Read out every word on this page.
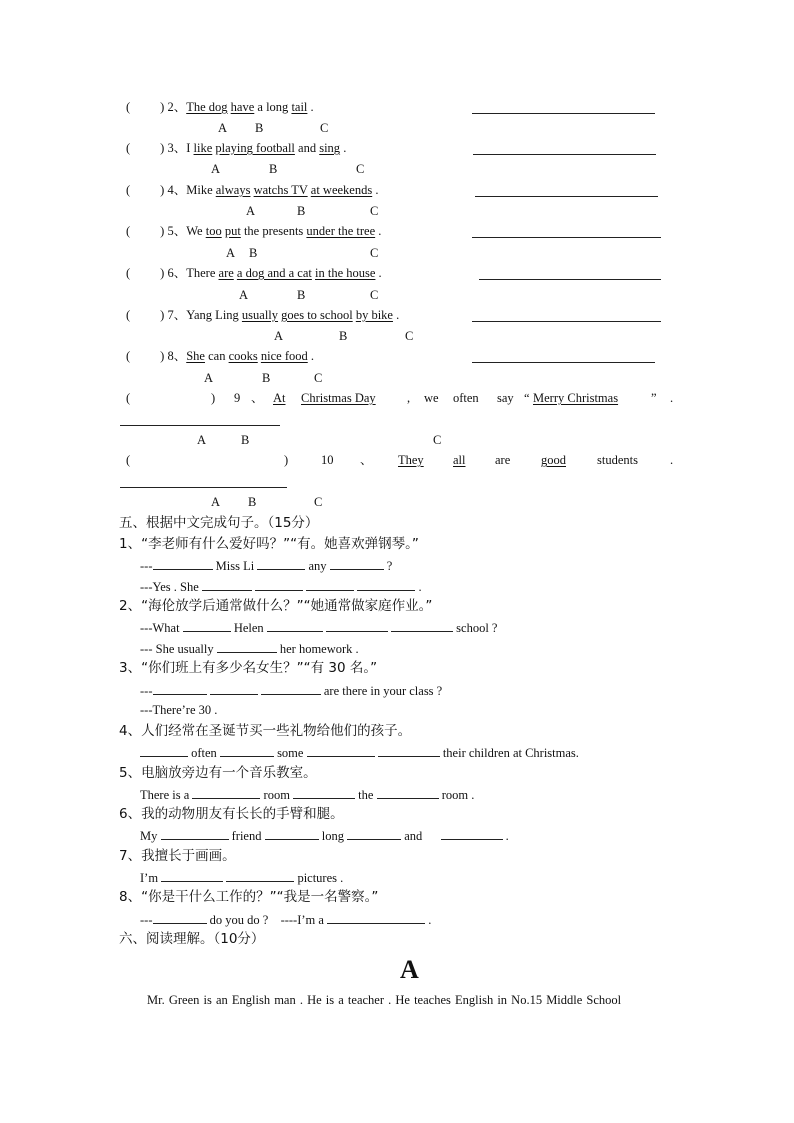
( ) 2、The dog have a long tail .
A B	C
( ) 3、I like playing football and sing .
A	B	C
( ) 4、Mike always watchs TV at weekends .
A	B	C
( ) 5、We too put the presents under the tree .
A B	C
( ) 6、There are a dog and a cat in the house .
A	B	C
( ) 7、Yang Ling usually goes to school by bike .
A	B	C
( ) 8、She can cooks nice food .
A	B	C
(	) 9 、 At Christmas Day	, we often say “ Merry Christmas	” .
A	B	C
(	)	10 、 They all are good students	.
A B	C
五、根据中文完成句子。（15分）
1、“李老师有什么爱好吗？”“有。她喜欢弹钢琴。”
---	Miss Li	any	?
---Yes . She	.
2、“海伦放学后通常做什么？”“她通常做家庭作业。”
---What	Helen	school ?
--- She usually	her homework .
3、“你们班上有多少名女生？”“有 30 名。”
---	are there in your class ?
---There’re 30 .
4、人们经常在圣诞节买一些礼物给他们的孩子。
often	some	their children at Christmas.
5、电脑放旁边有一个音乐教室。
There is a	room	the	room .
6、我的动物朋友有长长的手臂和腿。
My	friend	long	and	.
7、我擅长于画画。
I’m	pictures .
8、“你是干什么工作的？”“我是一名警察。”
---	do you do ? ----I’m a	.
六、阅读理解。（10分）
A
Mr. Green is an English man . He is a teacher . He teaches English in No.15 Middle School
